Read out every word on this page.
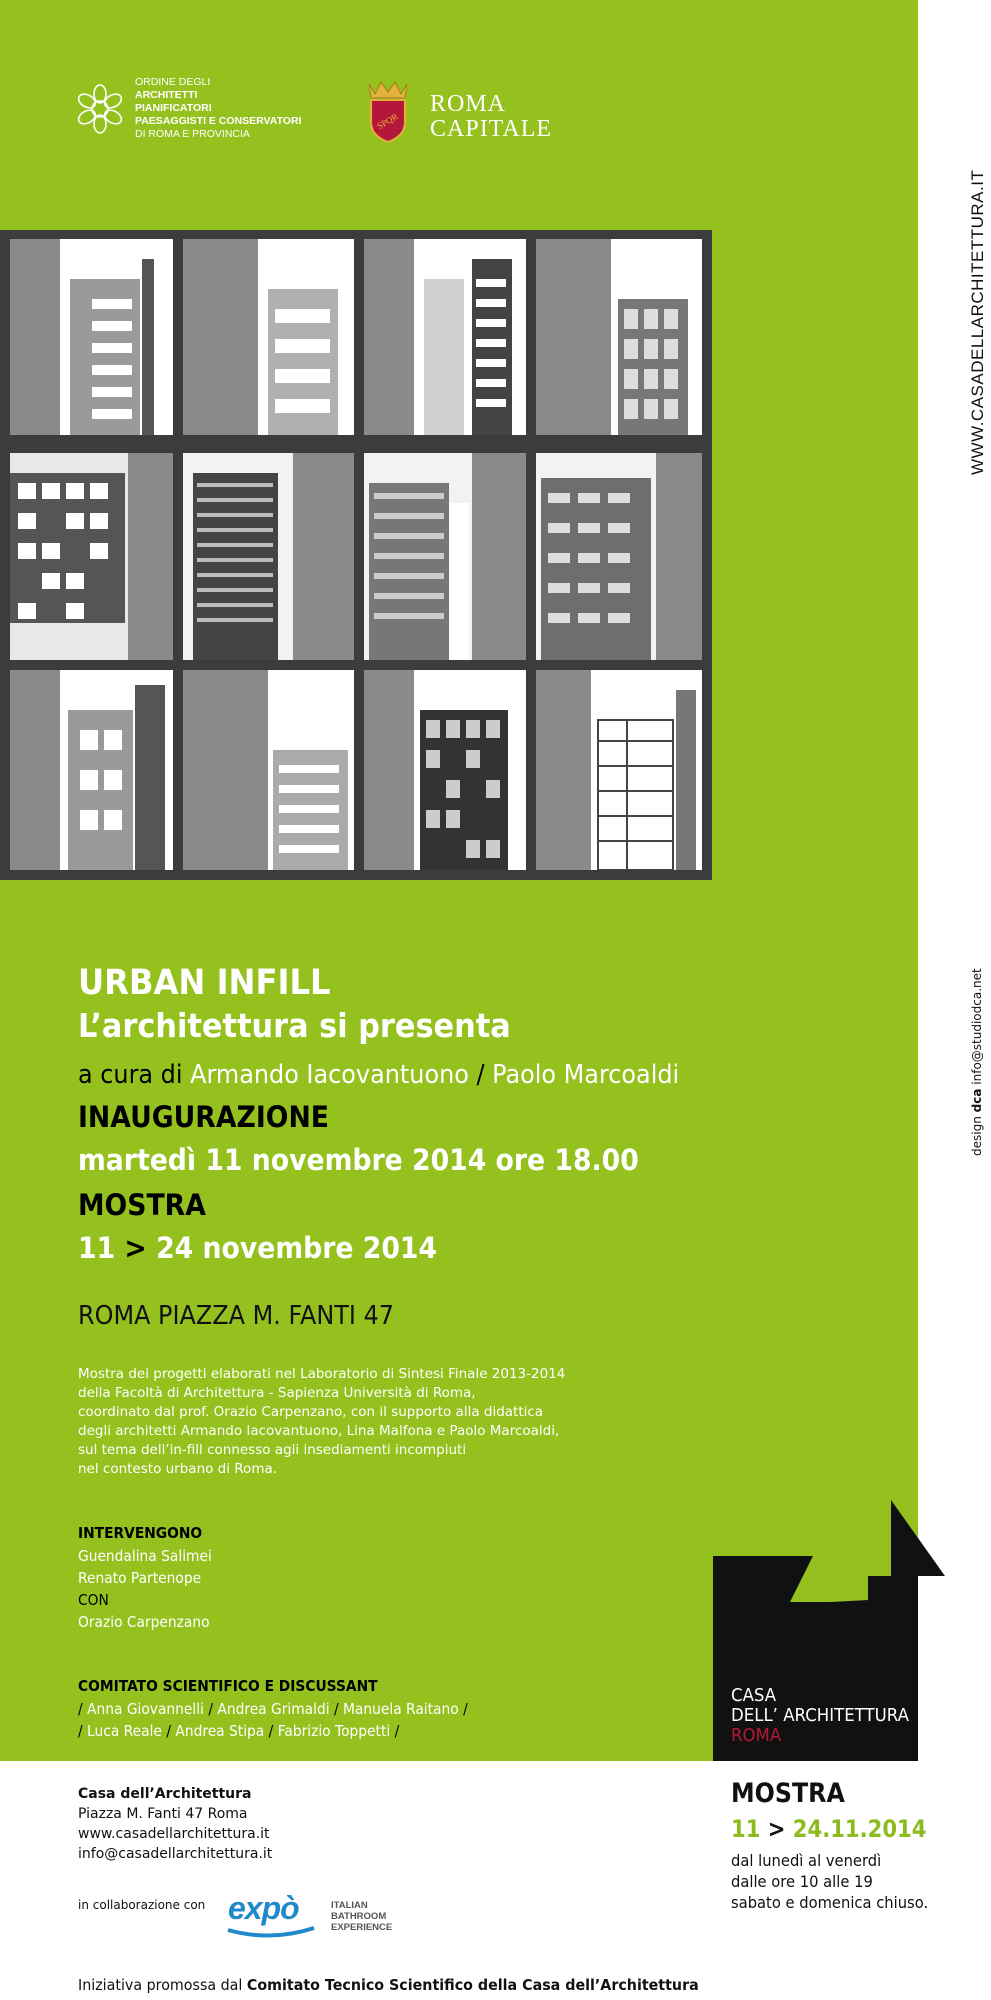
WWW.CASADELLARCHITETTURA.IT
design dca info@studiodca.net
ORDINE DEGLI
ARCHITETTI
PIANIFICATORI
PAESAGGISTI E CONSERVATORI
DI ROMA E PROVINCIA
SPQR
ROMA
CAPITALE
URBAN INFILL
L’architettura si presenta
a cura di Armando Iacovantuono / Paolo Marcoaldi
INAUGURAZIONE
martedì 11 novembre 2014 ore 18.00
MOSTRA
11 > 24 novembre 2014
ROMA PIAZZA M. FANTI 47
Mostra dei progetti elaborati nel Laboratorio di Sintesi Finale 2013-2014
della Facoltà di Architettura - Sapienza Università di Roma,
coordinato dal prof. Orazio Carpenzano, con il supporto alla didattica
degli architetti Armando Iacovantuono, Lina Malfona e Paolo Marcoaldi,
sul tema dell’in-fill connesso agli insediamenti incompiuti
nel contesto urbano di Roma.
INTERVENGONO
Guendalina Salimei
Renato Partenope
CON
Orazio Carpenzano
COMITATO SCIENTIFICO E DISCUSSANT
/ Anna Giovannelli / Andrea Grimaldi / Manuela Raitano /
/ Luca Reale / Andrea Stipa / Fabrizio Toppetti /
CASA
DELL’ ARCHITETTURA
ROMA
Casa dell’Architettura
Piazza M. Fanti 47 Roma
www.casadellarchitettura.it
info@casadellarchitettura.it
in collaborazione con expò	ITALIAN
BATHROOM
EXPERIENCE
MOSTRA
11 > 24.11.2014
dal lunedì al venerdì
dalle ore 10 alle 19
sabato e domenica chiuso.
Iniziativa promossa dal Comitato Tecnico Scientifico della Casa dell’Architettura
